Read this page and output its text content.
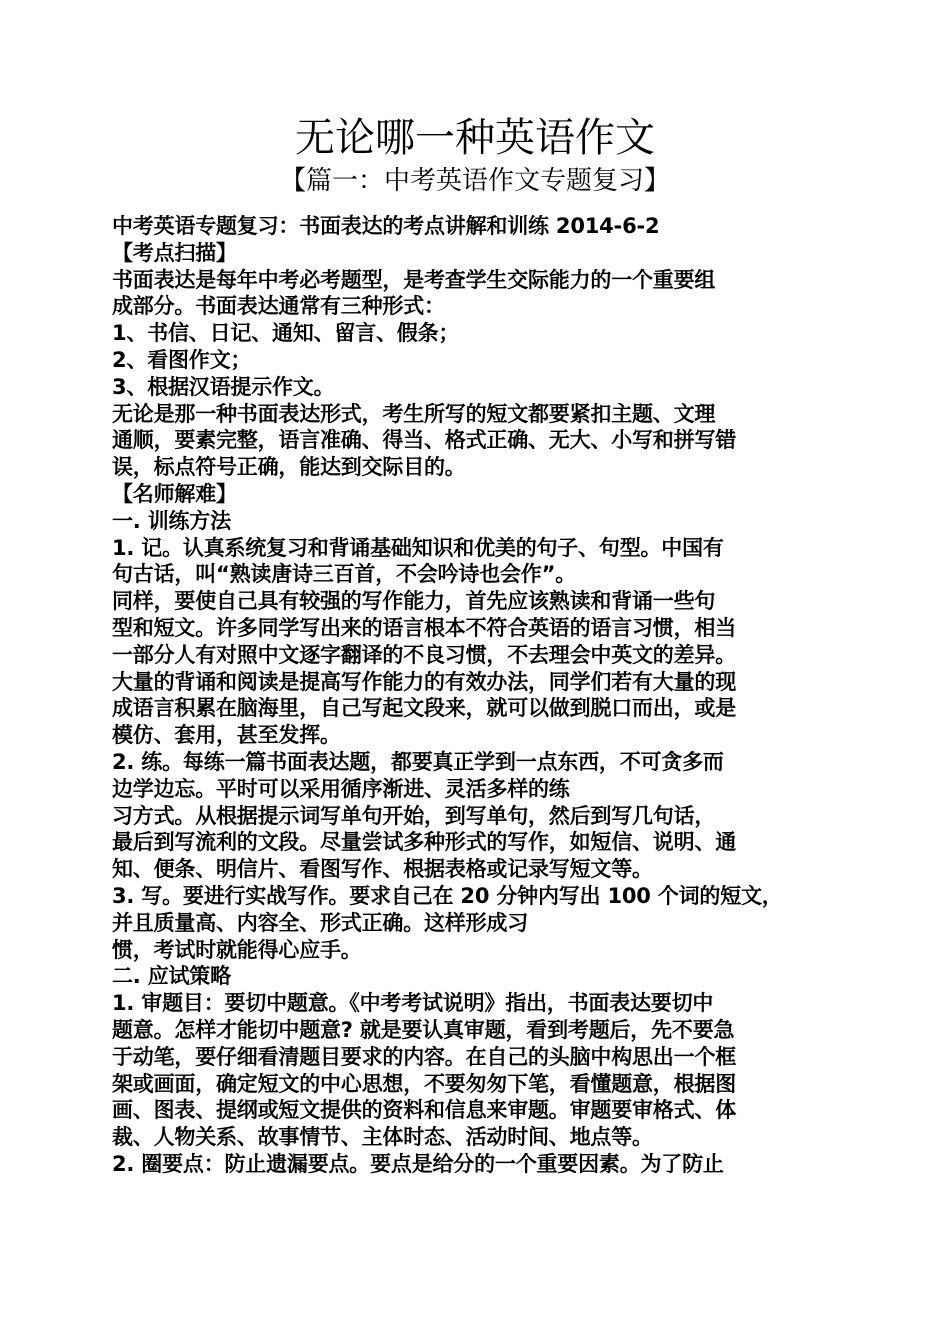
无论哪一种英语作文
【篇一：中考英语作文专题复习】
中考英语专题复习：书面表达的考点讲解和训练 2014-6-2
【考点扫描】
书面表达是每年中考必考题型，是考查学生交际能力的一个重要组
成部分。书面表达通常有三种形式：
1、书信、日记、通知、留言、假条；
2、看图作文；
3、根据汉语提示作文。
无论是那一种书面表达形式，考生所写的短文都要紧扣主题、文理
通顺，要素完整，语言准确、得当、格式正确、无大、小写和拼写错
误，标点符号正确，能达到交际目的。
【名师解难】
一. 训练方法
1. 记。认真系统复习和背诵基础知识和优美的句子、句型。中国有
句古话，叫“熟读唐诗三百首，不会吟诗也会作”。
同样，要使自己具有较强的写作能力，首先应该熟读和背诵一些句
型和短文。许多同学写出来的语言根本不符合英语的语言习惯，相当
一部分人有对照中文逐字翻译的不良习惯，不去理会中英文的差异。
大量的背诵和阅读是提高写作能力的有效办法，同学们若有大量的现
成语言积累在脑海里，自己写起文段来，就可以做到脱口而出，或是
模仿、套用，甚至发挥。
2. 练。每练一篇书面表达题，都要真正学到一点东西，不可贪多而
边学边忘。平时可以采用循序渐进、灵活多样的练
习方式。从根据提示词写单句开始，到写单句，然后到写几句话，
最后到写流利的文段。尽量尝试多种形式的写作，如短信、说明、通
知、便条、明信片、看图写作、根据表格或记录写短文等。
3. 写。要进行实战写作。要求自己在 20 分钟内写出 100 个词的短文，
并且质量高、内容全、形式正确。这样形成习
惯，考试时就能得心应手。
二. 应试策略
1. 审题目：要切中题意。《中考考试说明》指出，书面表达要切中
题意。怎样才能切中题意? 就是要认真审题，看到考题后，先不要急
于动笔，要仔细看清题目要求的内容。在自己的头脑中构思出一个框
架或画面，确定短文的中心思想，不要匆匆下笔，看懂题意，根据图
画、图表、提纲或短文提供的资料和信息来审题。审题要审格式、体
裁、人物关系、故事情节、主体时态、活动时间、地点等。
2. 圈要点：防止遗漏要点。要点是给分的一个重要因素。为了防止
